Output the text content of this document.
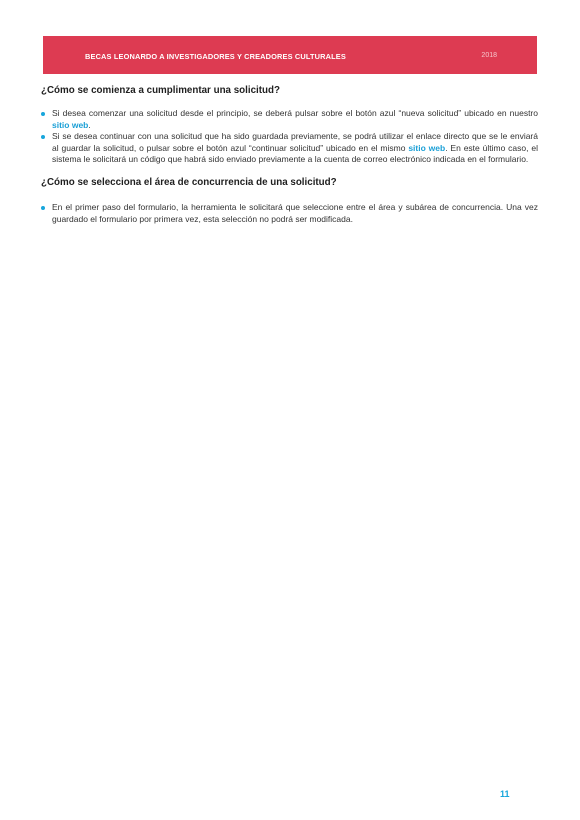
BECAS LEONARDO A INVESTIGADORES Y CREADORES CULTURALES	2018
¿Cómo se comienza a cumplimentar una solicitud?
Si desea comenzar una solicitud desde el principio, se deberá pulsar sobre el botón azul “nueva solicitud” ubicado en nuestro sitio web.
Si se desea continuar con una solicitud que ha sido guardada previamente, se podrá utilizar el enlace directo que se le enviará al guardar la solicitud, o pulsar sobre el botón azul “continuar solicitud” ubicado en el mismo sitio web. En este último caso, el sistema le solicitará un código que habrá sido enviado previamente a la cuenta de correo electrónico indicada en el formulario.
¿Cómo se selecciona el área de concurrencia de una solicitud?
En el primer paso del formulario, la herramienta le solicitará que seleccione entre el área y subárea de concurrencia. Una vez guardado el formulario por primera vez, esta selección no podrá ser modificada.
11
